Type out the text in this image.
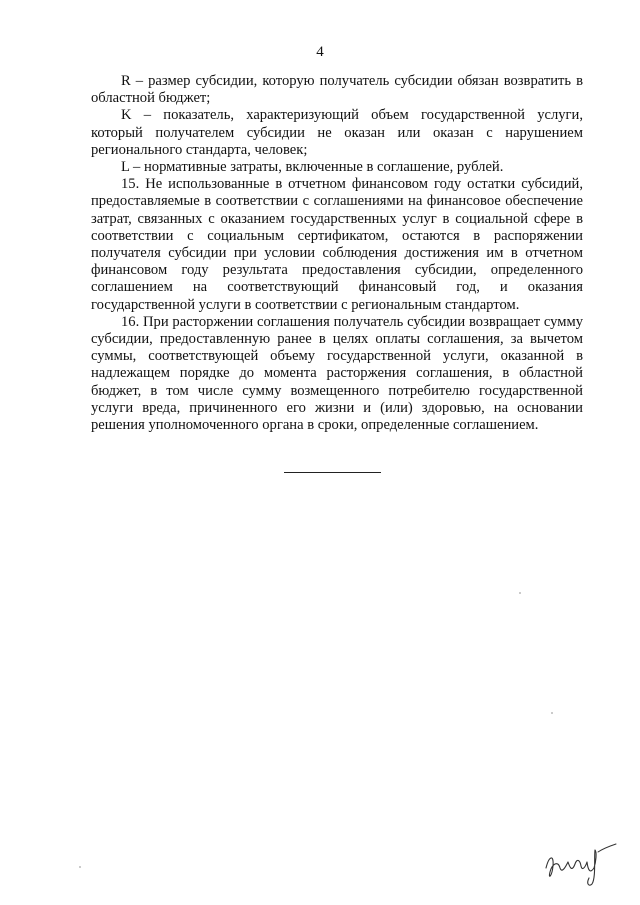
4

R – размер субсидии, которую получатель субсидии обязан возвратить в областной бюджет;

K – показатель, характеризующий объем государственной услуги, который получателем субсидии не оказан или оказан с нарушением регионального стандарта, человек;

L – нормативные затраты, включенные в соглашение, рублей.

15. Не использованные в отчетном финансовом году остатки субсидий, предоставляемые в соответствии с соглашениями на финансовое обеспечение затрат, связанных с оказанием государственных услуг в социальной сфере в соответствии с социальным сертификатом, остаются в распоряжении получателя субсидии при условии соблюдения достижения им в отчетном финансовом году результата предоставления субсидии, определенного соглашением на соответствующий финансовый год, и оказания государственной услуги в соответствии с региональным стандартом.

16. При расторжении соглашения получатель субсидии возвращает сумму субсидии, предоставленную ранее в целях оплаты соглашения, за вычетом суммы, соответствующей объему государственной услуги, оказанной в надлежащем порядке до момента расторжения соглашения, в областной бюджет, в том числе сумму возмещенного потребителю государственной услуги вреда, причиненного его жизни и (или) здоровью, на основании решения уполномоченного органа в сроки, определенные соглашением.
